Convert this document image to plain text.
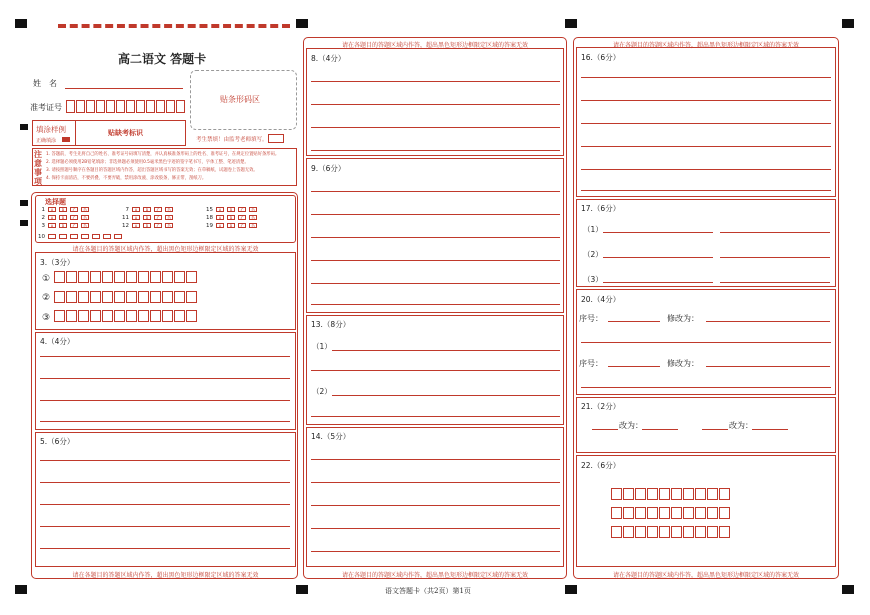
高二语文 答题卡
姓　名
准考证号
贴条形码区
填涂样例
正确填涂
贴缺考标识
考生禁填！由监考老师填写。
注意事项
1. 答题前，考生先将自己的姓名、准考证号码填写清楚，并认真核准条形码上的姓名、准考证号，在规定位置贴好条形码。
2. 选择题必须使用2B铅笔填涂；非选择题必须使用0.5毫米黑色字迹的签字笔书写，字体工整、笔迹清楚。
3. 请按照题号顺序在各题目的答题区域内作答，超出答题区域书写的答案无效；在草稿纸、试题卷上答题无效。
4. 保持卡面清洁，不要折叠、不要弄破，禁用涂改液、涂改胶条，修正带，刮纸刀。
选择题
1 A B C D
2 A B C D
3 A B C D
7 A B C D
11 A B C D
12 A B C D
15 A B C D
18 A B C D
19 A B C D
10
请在各题目的答题区域内作答，超出黑色矩形边框限定区域的答案无效
3.（3分）
①
②
③
4.（4分）
5.（6分）
请在各题目的答题区域内作答，超出黑色矩形边框限定区域的答案无效
请在各题目的答题区域内作答，超出黑色矩形边框限定区域的答案无效
8.（4分）
9.（6分）
13.（8分）
（1）
（2）
14.（5分）
请在各题目的答题区域内作答，超出黑色矩形边框限定区域的答案无效
请在各题目的答题区域内作答，超出黑色矩形边框限定区域的答案无效
16.（6分）
17.（6分）
（1）
（2）
（3）
20.（4分）
序号：	修改为：
序号：	修改为：
21.（2分）
改为：	改为：
22.（6分）
请在各题目的答题区域内作答，超出黑色矩形边框限定区域的答案无效
语文答题卡（共2页）第1页
